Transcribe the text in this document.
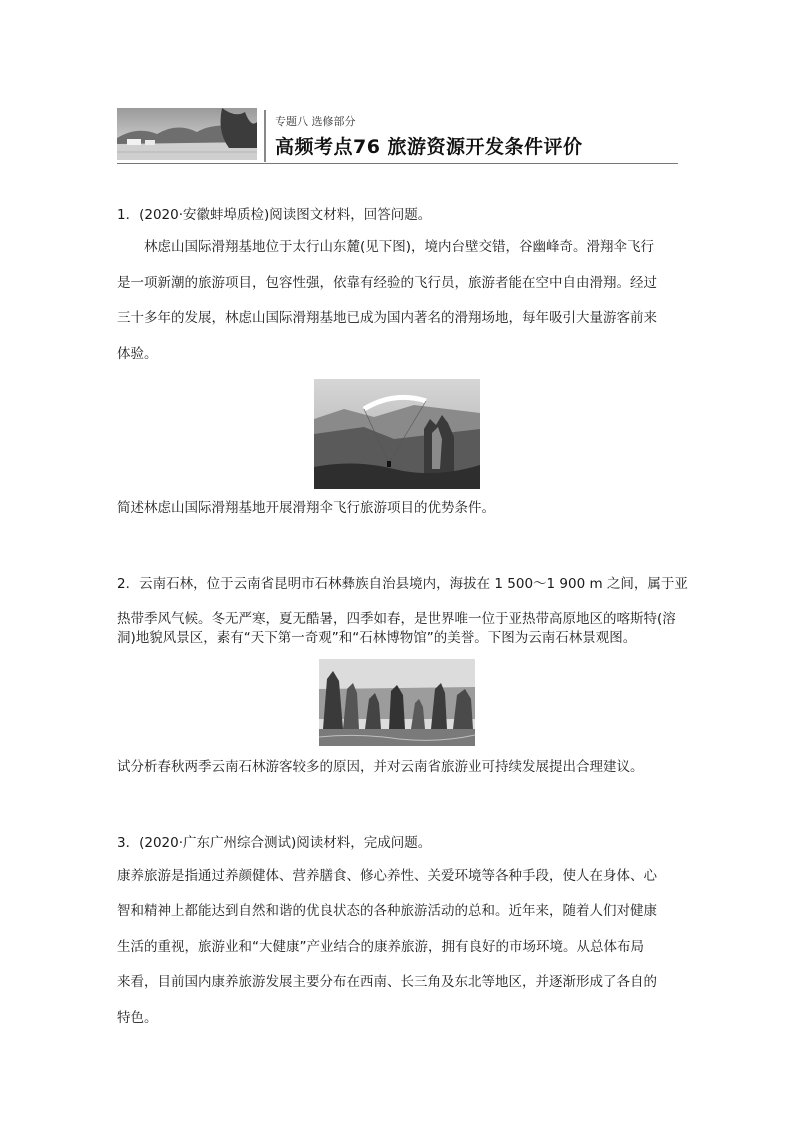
专题八 选修部分
高频考点76 旅游资源开发条件评价
1．(2020·安徽蚌埠质检)阅读图文材料，回答问题。
林虑山国际滑翔基地位于太行山东麓(见下图)，境内台壁交错，谷幽峰奇。滑翔伞飞行
是一项新潮的旅游项目，包容性强，依靠有经验的飞行员，旅游者能在空中自由滑翔。经过
三十多年的发展，林虑山国际滑翔基地已成为国内著名的滑翔场地，每年吸引大量游客前来
体验。
简述林虑山国际滑翔基地开展滑翔伞飞行旅游项目的优势条件。
2．云南石林，位于云南省昆明市石林彝族自治县境内，海拔在 1 500～1 900 m 之间，属于亚
热带季风气候。冬无严寒，夏无酷暑，四季如春，是世界唯一位于亚热带高原地区的喀斯特(溶
洞)地貌风景区，素有“天下第一奇观”和“石林博物馆”的美誉。下图为云南石林景观图。
试分析春秋两季云南石林游客较多的原因，并对云南省旅游业可持续发展提出合理建议。
3．(2020·广东广州综合测试)阅读材料，完成问题。
康养旅游是指通过养颜健体、营养膳食、修心养性、关爱环境等各种手段，使人在身体、心
智和精神上都能达到自然和谐的优良状态的各种旅游活动的总和。近年来，随着人们对健康
生活的重视，旅游业和“大健康”产业结合的康养旅游，拥有良好的市场环境。从总体布局
来看，目前国内康养旅游发展主要分布在西南、长三角及东北等地区，并逐渐形成了各自的
特色。
